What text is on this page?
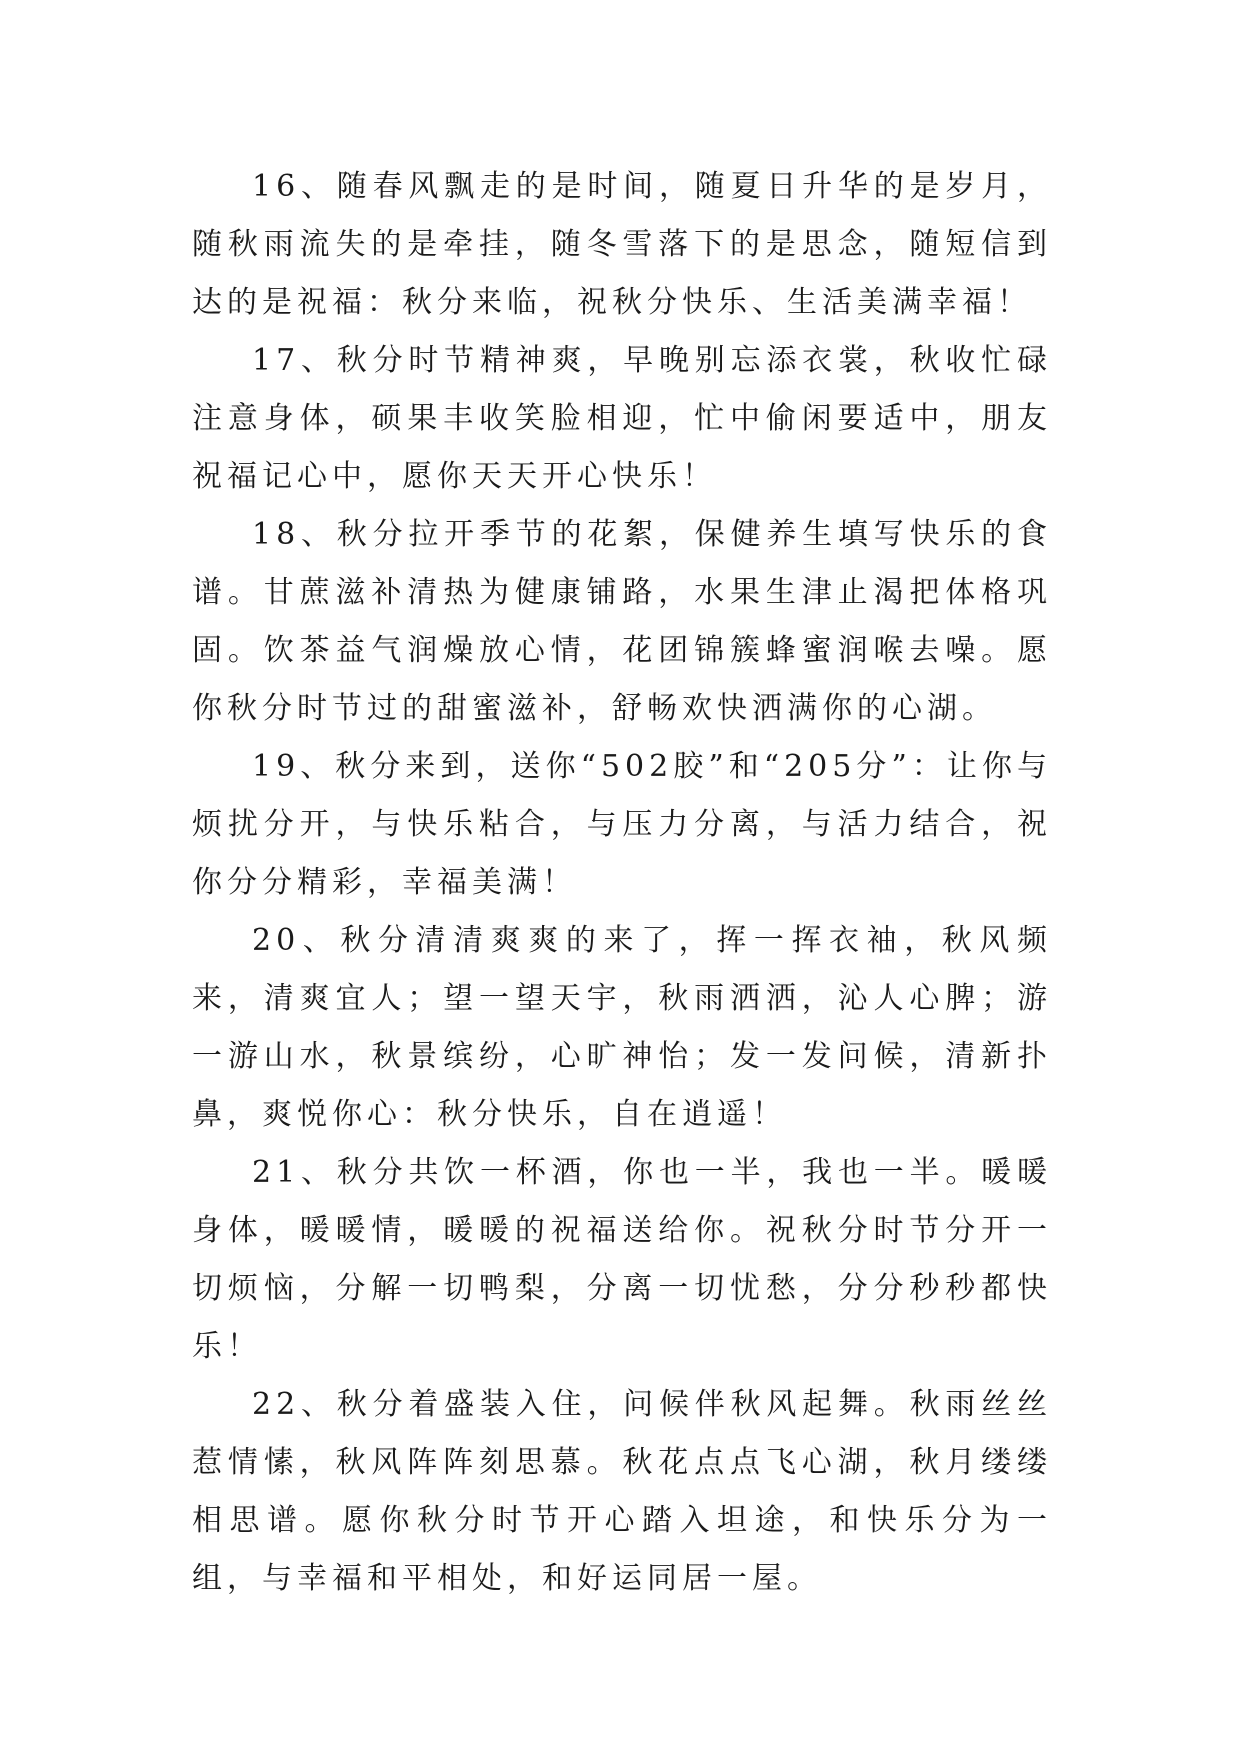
16、随春风飘走的是时间，随夏日升华的是岁月，随秋雨流失的是牵挂，随冬雪落下的是思念，随短信到达的是祝福：秋分来临，祝秋分快乐、生活美满幸福！

17、秋分时节精神爽，早晚别忘添衣裳，秋收忙碌注意身体，硕果丰收笑脸相迎，忙中偷闲要适中，朋友祝福记心中，愿你天天开心快乐！

18、秋分拉开季节的花絮，保健养生填写快乐的食谱。甘蔗滋补清热为健康铺路，水果生津止渴把体格巩固。饮茶益气润燥放心情，花团锦簇蜂蜜润喉去噪。愿你秋分时节过的甜蜜滋补，舒畅欢快洒满你的心湖。

19、秋分来到，送你“502胶”和“205分”：让你与烦扰分开，与快乐粘合，与压力分离，与活力结合，祝你分分精彩，幸福美满！

20、秋分清清爽爽的来了，挥一挥衣袖，秋风频来，清爽宜人；望一望天宇，秋雨洒洒，沁人心脾；游一游山水，秋景缤纷，心旷神怡；发一发问候，清新扑鼻，爽悦你心：秋分快乐，自在逍遥！

21、秋分共饮一杯酒，你也一半，我也一半。暖暖身体，暖暖情，暖暖的祝福送给你。祝秋分时节分开一切烦恼，分解一切鸭梨，分离一切忧愁，分分秒秒都快乐！

22、秋分着盛装入住，问候伴秋风起舞。秋雨丝丝惹情愫，秋风阵阵刻思慕。秋花点点飞心湖，秋月缕缕相思谱。愿你秋分时节开心踏入坦途，和快乐分为一组，与幸福和平相处，和好运同居一屋。
